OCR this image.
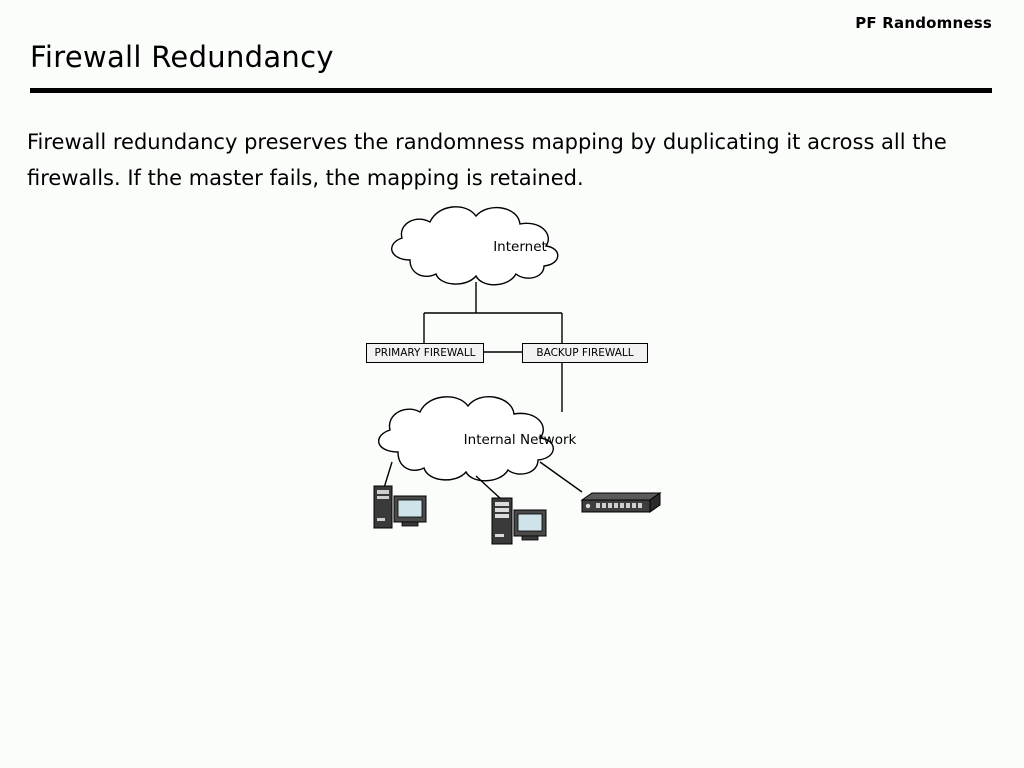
PF Randomness
Firewall Redundancy
Firewall redundancy preserves the randomness mapping by duplicating it across all the firewalls. If the master fails, the mapping is retained.
Internet
Internal Network
PRIMARY FIREWALL	BACKUP FIREWALL
